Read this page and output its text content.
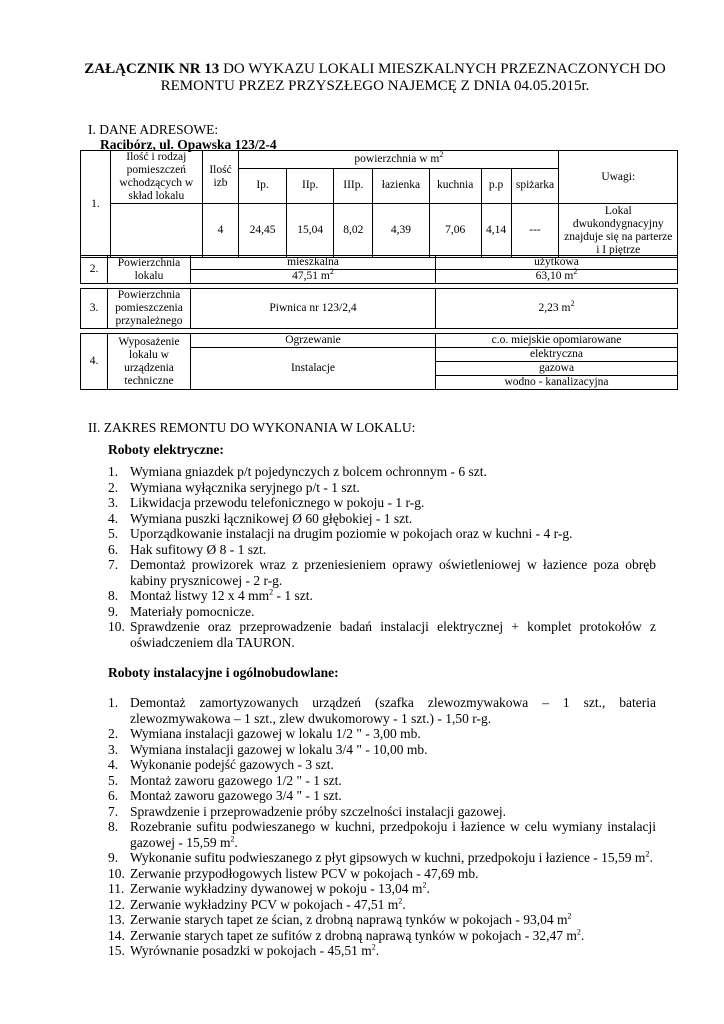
ZAŁĄCZNIK NR 13 DO WYKAZU LOKALI MIESZKALNYCH PRZEZNACZONYCH DO
REMONTU PRZEZ PRZYSZŁEGO NAJEMCĘ Z DNIA 04.05.2015r.
I. DANE ADRESOWE:
Racibórz, ul. Opawska 123/2-4
1.	Ilość i rodzaj pomieszczeń wchodzących w skład lokalu	Ilość izb	powierzchnia w $m^2$							Uwagi:
			Ip.	IIp.	IIIp.	łazienka	kuchnia	p.p	spiżarka	
		4	24,45	15,04	8,02	4,39	7,06	4,14	---	Lokal dwukondygnacyjny znajduje się na parterze i I piętrze
2.	Powierzchnia lokalu	mieszkalna	użytkowa
		47,51 $m^2$	63,10 $m^2$
3.	Powierzchnia pomieszczenia przynależnego	Piwnica nr 123/2,4	2,23 $m^2$
4.	Wyposażenie lokalu w urządzenia techniczne	Ogrzewanie	c.o. miejskie opomiarowane
		Instalacje	elektryczna
			gazowa
			wodno - kanalizacyjna
II. ZAKRES REMONTU DO WYKONANIA W LOKALU:
Roboty elektryczne:
1. Wymiana gniazdek p/t pojedynczych z bolcem ochronnym - 6 szt.
2. Wymiana wyłącznika seryjnego p/t - 1 szt.
3. Likwidacja przewodu telefonicznego w pokoju - 1 r-g.
4. Wymiana puszki łącznikowej Ø 60 głębokiej - 1 szt.
5. Uporządkowanie instalacji na drugim poziomie w pokojach oraz w kuchni - 4 r-g.
6. Hak sufitowy Ø 8 - 1 szt.
7. Demontaż prowizorek wraz z przeniesieniem oprawy oświetleniowej w łazience poza obręb kabiny prysznicowej - 2 r-g.
8. Montaż listwy 12 x 4 $mm^2 - 1$ szt.
9. Materiały pomocnicze.
10. Sprawdzenie oraz przeprowadzenie badań instalacji elektrycznej + komplet protokołów z oświadczeniem dla TAURON.
Roboty instalacyjne i ogólnobudowlane:
1. Demontaż zamortyzowanych urządzeń (szafka zlewozmywakowa – 1 szt., bateria zlewozmywakowa – 1 szt., zlew dwukomorowy - 1 szt.) - 1,50 r-g.
2. Wymiana instalacji gazowej w lokalu 1/2 " - 3,00 mb.
3. Wymiana instalacji gazowej w lokalu 3/4 " - 10,00 mb.
4. Wykonanie podejść gazowych - 3 szt.
5. Montaż zaworu gazowego 1/2 " - 1 szt.
6. Montaż zaworu gazowego 3/4 " - 1 szt.
7. Sprawdzenie i przeprowadzenie próby szczelności instalacji gazowej.
8. Rozebranie sufitu podwieszanego w kuchni, przedpokoju i łazience w celu wymiany instalacji gazowej - 15,59 $m^2$.
9. Wykonanie sufitu podwieszanego z płyt gipsowych w kuchni, przedpokoju i łazience - 15,59 $m^2$.
10. Zerwanie przypodłogowych listew PCV w pokojach - 47,69 mb.
11. Zerwanie wykładziny dywanowej w pokoju - 13,04 $m^2$.
12. Zerwanie wykładziny PCV w pokojach - 47,51 $m^2$.
13. Zerwanie starych tapet ze ścian, z drobną naprawą tynków w pokojach - 93,04 $m^2$
14. Zerwanie starych tapet ze sufitów z drobną naprawą tynków w pokojach - 32,47 $m^2$.
15. Wyrównanie posadzki w pokojach - 45,51 $m^2$.
